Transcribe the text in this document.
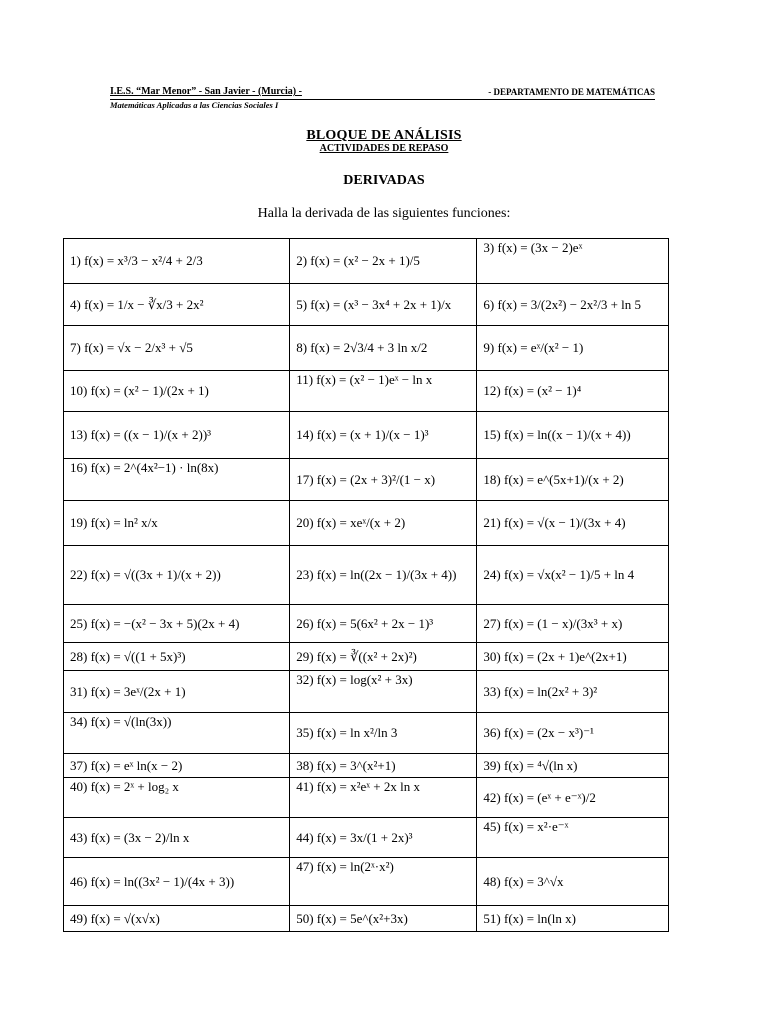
I.E.S. “Mar Menor” - San Javier - (Murcia) -	- DEPARTAMENTO DE MATEMÁTICAS
Matemáticas Aplicadas a las Ciencias Sociales I
BLOQUE DE ANÁLISIS
ACTIVIDADES DE REPASO
DERIVADAS
Halla la derivada de las siguientes funciones:
1) f(x) = x³/3 − x²/4 + 2/3	2) f(x) = (x² − 2x + 1)/5	3) f(x) = (3x − 2)eˣ
4) f(x) = 1/x − ∛x/3 + 2x²	5) f(x) = (x³ − 3x⁴ + 2x + 1)/x	6) f(x) = 3/(2x²) − 2x²/3 + ln 5
7) f(x) = √x − 2/x³ + √5	8) f(x) = 2√3/4 + 3 ln x/2	9) f(x) = eˣ/(x² − 1)
10) f(x) = (x² − 1)/(2x + 1)	11) f(x) = (x² − 1)eˣ − ln x	12) f(x) = (x² − 1)⁴
13) f(x) = ((x − 1)/(x + 2))³	14) f(x) = (x + 1)/(x − 1)³	15) f(x) = ln((x − 1)/(x + 4))
16) f(x) = 2^(4x²−1) · ln(8x)	17) f(x) = (2x + 3)²/(1 − x)	18) f(x) = e^(5x+1)/(x + 2)
19) f(x) = ln² x/x	20) f(x) = xeˣ/(x + 2)	21) f(x) = √(x − 1)/(3x + 4)
22) f(x) = √((3x + 1)/(x + 2))	23) f(x) = ln((2x − 1)/(3x + 4))	24) f(x) = √x(x² − 1)/5 + ln 4
25) f(x) = −(x² − 3x + 5)(2x + 4)	26) f(x) = 5(6x² + 2x − 1)³	27) f(x) = (1 − x)/(3x³ + x)
28) f(x) = √((1 + 5x)³)	29) f(x) = ∛((x² + 2x)²)	30) f(x) = (2x + 1)e^(2x+1)
31) f(x) = 3eˣ/(2x + 1)	32) f(x) = log(x² + 3x)	33) f(x) = ln(2x² + 3)²
34) f(x) = √(ln(3x))	35) f(x) = ln x²/ln 3	36) f(x) = (2x − x³)⁻¹
37) f(x) = eˣ ln(x − 2)	38) f(x) = 3^(x²+1)	39) f(x) = ⁴√(ln x)
40) f(x) = 2ˣ + log₂ x	41) f(x) = x²eˣ + 2x ln x	42) f(x) = (eˣ + e⁻ˣ)/2
43) f(x) = (3x − 2)/ln x	44) f(x) = 3x/(1 + 2x)³	45) f(x) = x²·e⁻ˣ
46) f(x) = ln((3x² − 1)/(4x + 3))	47) f(x) = ln(2ˣ·x²)	48) f(x) = 3^√x
49) f(x) = √(x√x)	50) f(x) = 5e^(x²+3x)	51) f(x) = ln(ln x)
